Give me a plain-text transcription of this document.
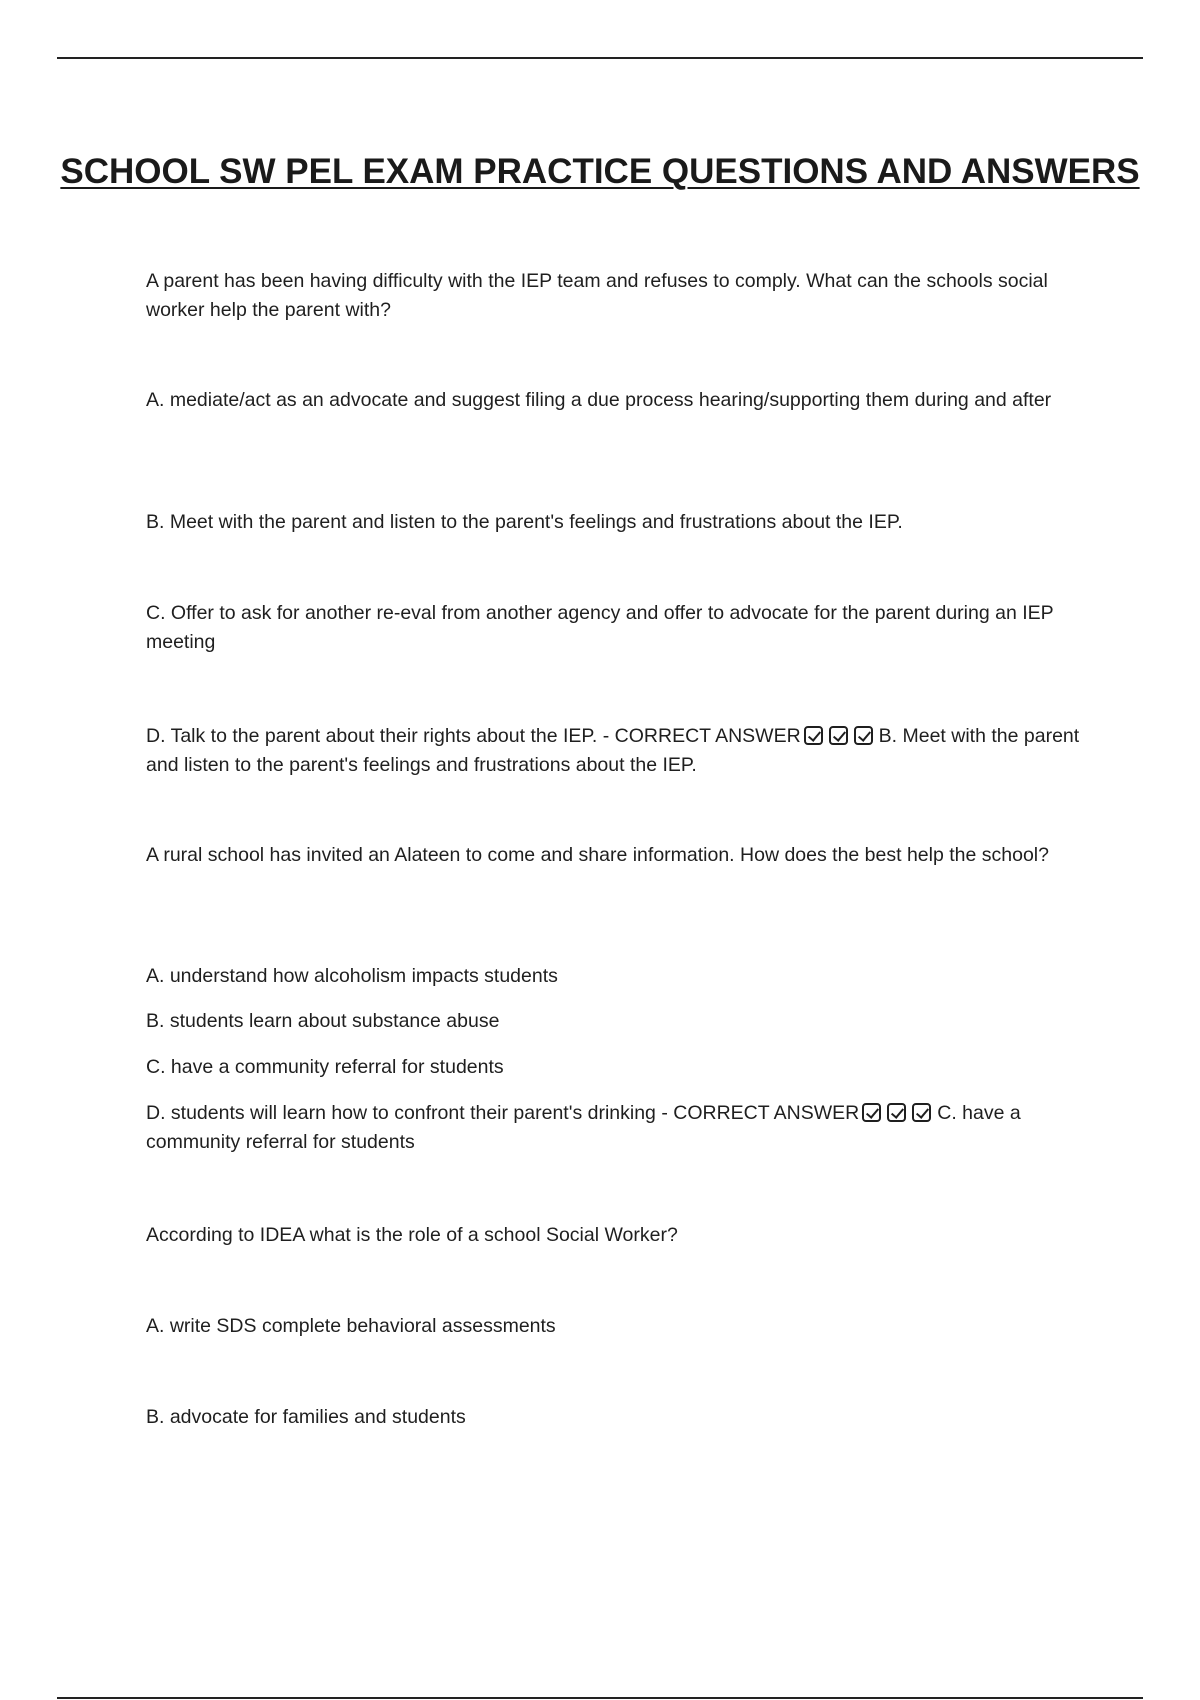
SCHOOL SW PEL EXAM PRACTICE QUESTIONS AND ANSWERS

A parent has been having difficulty with the IEP team and refuses to comply. What can the schools social worker help the parent with?

A. mediate/act as an advocate and suggest filing a due process hearing/supporting them during and after

B. Meet with the parent and listen to the parent's feelings and frustrations about the IEP.

C. Offer to ask for another re-eval from another agency and offer to advocate for the parent during an IEP meeting

D. Talk to the parent about their rights about the IEP. - CORRECT ANSWER	B. Meet with the parent and listen to the parent's feelings and frustrations about the IEP.

A rural school has invited an Alateen to come and share information. How does the best help the school?

A. understand how alcoholism impacts students

B. students learn about substance abuse

C. have a community referral for students

D. students will learn how to confront their parent's drinking - CORRECT ANSWER	C. have a community referral for students

According to IDEA what is the role of a school Social Worker?

A. write SDS complete behavioral assessments

B. advocate for families and students
